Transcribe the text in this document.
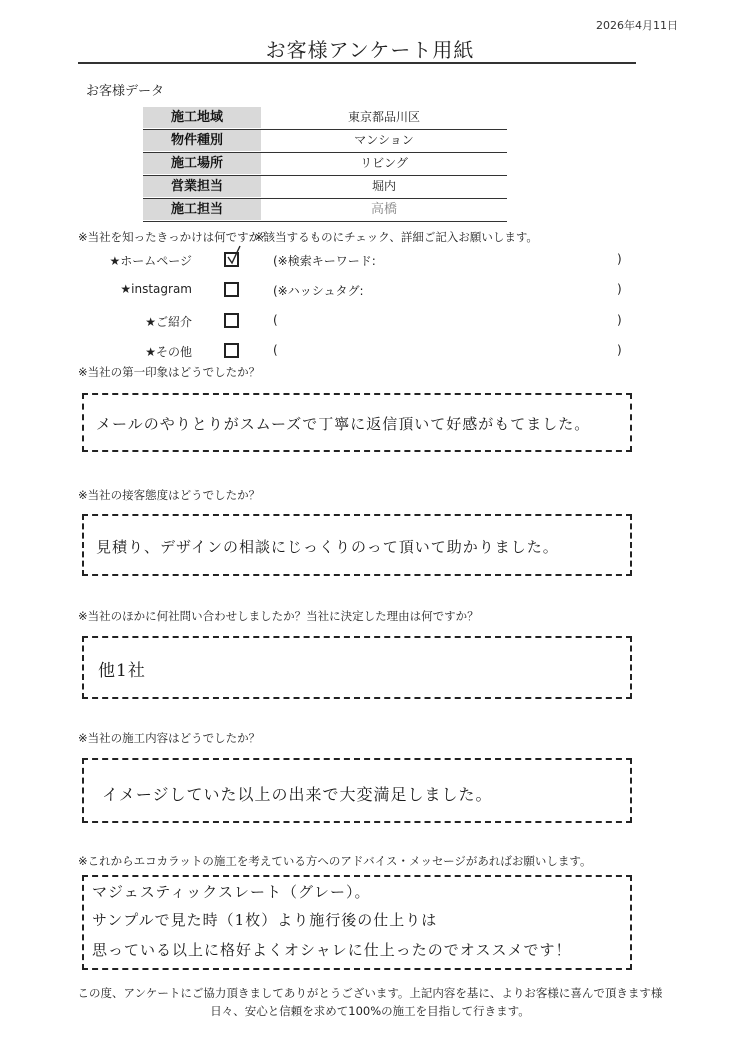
2026年4月11日
お客様アンケート用紙
お客様データ
施工地域	東京都品川区
物件種別	マンション
施工場所	リビング
営業担当	堀内
施工担当	高橋
※当社を知ったきっかけは何ですか？
※該当するものにチェック、詳細ご記入お願いします。
★ホームページ	(※検索キーワード:	)
★instagram	(※ハッシュタグ:	)
★ご紹介	(	)
★その他	(	)
※当社の第一印象はどうでしたか？
メールのやりとりがスムーズで丁寧に返信頂いて好感がもてました。
※当社の接客態度はどうでしたか？
見積り、デザインの相談にじっくりのって頂いて助かりました。
※当社のほかに何社問い合わせしましたか？当社に決定した理由は何ですか？
他1社
※当社の施工内容はどうでしたか？
イメージしていた以上の出来で大変満足しました。
※これからエコカラットの施工を考えている方へのアドバイス・メッセージがあればお願いします。
マジェスティックスレート（グレー）。
サンプルで見た時（1枚）より施行後の仕上りは
思っている以上に格好よくオシャレに仕上ったのでオススメです！
この度、アンケートにご協力頂きましてありがとうございます。上記内容を基に、よりお客様に喜んで頂きます様
日々、安心と信頼を求めて100%の施工を目指して行きます。
